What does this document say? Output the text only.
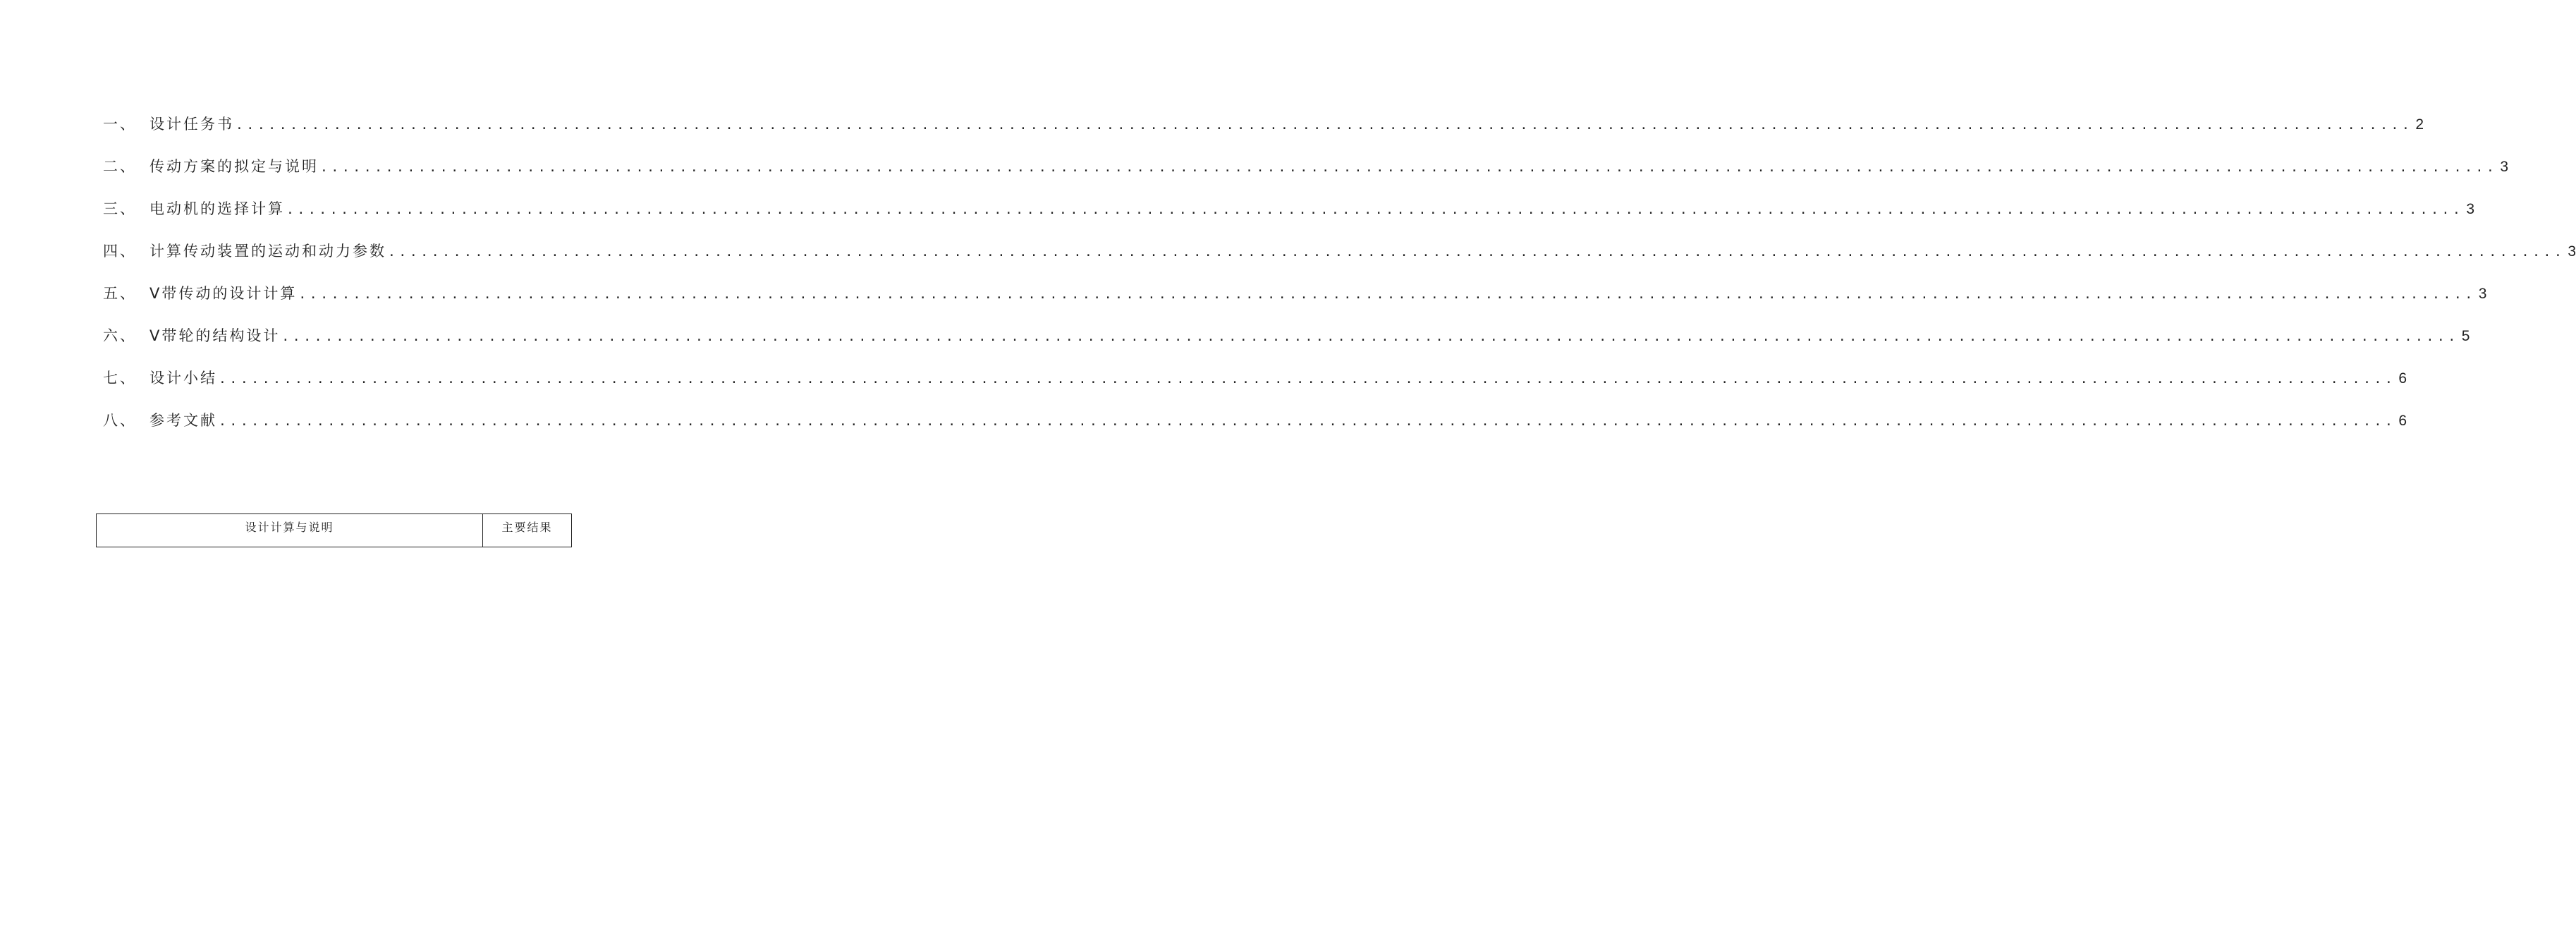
一、 设计任务书 ........................................................................................................................................................................................................ 2
二、 传动方案的拟定与说明 ........................................................................................................................................................................................................ 3
三、 电动机的选择计算 ........................................................................................................................................................................................................ 3
四、 计算传动装置的运动和动力参数 ........................................................................................................................................................................................................ 3
五、 V带传动的设计计算 ........................................................................................................................................................................................................ 3
六、 V带轮的结构设计 ........................................................................................................................................................................................................ 5
七、 设计小结 ........................................................................................................................................................................................................ 6
八、 参考文献 ........................................................................................................................................................................................................ 6
设计计算与说明	主要结果
